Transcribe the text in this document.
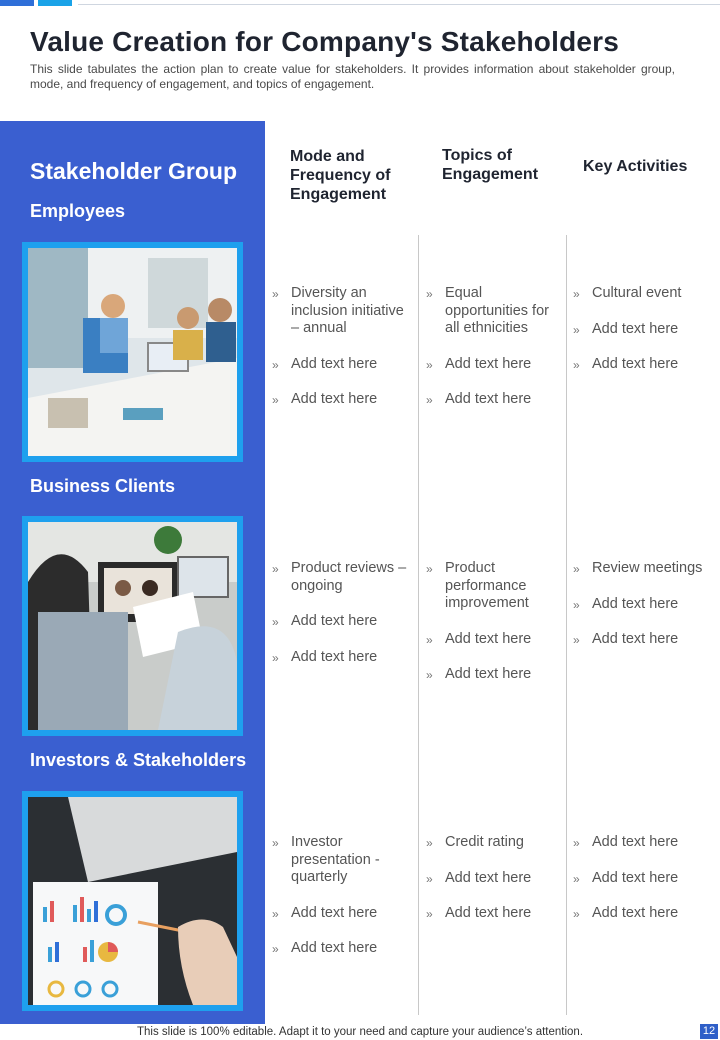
Value Creation for Company's Stakeholders
This slide tabulates the action plan to create value for stakeholders. It provides information about stakeholder group, mode, and frequency of engagement, and topics of engagement.
Stakeholder Group
Employees
Business Clients
Investors & Stakeholders
Mode and Frequency of Engagement
Topics of Engagement	Key Activities
» Diversity an inclusion initiative – annual
» Add text here
» Add text here
» Equal opportunities for all ethnicities
» Add text here
» Add text here
» Cultural event
» Add text here
» Add text here
» Product reviews – ongoing
» Add text here
» Add text here
» Product performance improvement
» Add text here
» Add text here
» Review meetings
» Add text here
» Add text here
» Investor presentation - quarterly
» Add text here
» Add text here
» Credit rating
» Add text here
» Add text here
» Add text here
» Add text here
» Add text here
This slide is 100% editable. Adapt it to your need and capture your audience’s attention.	12
